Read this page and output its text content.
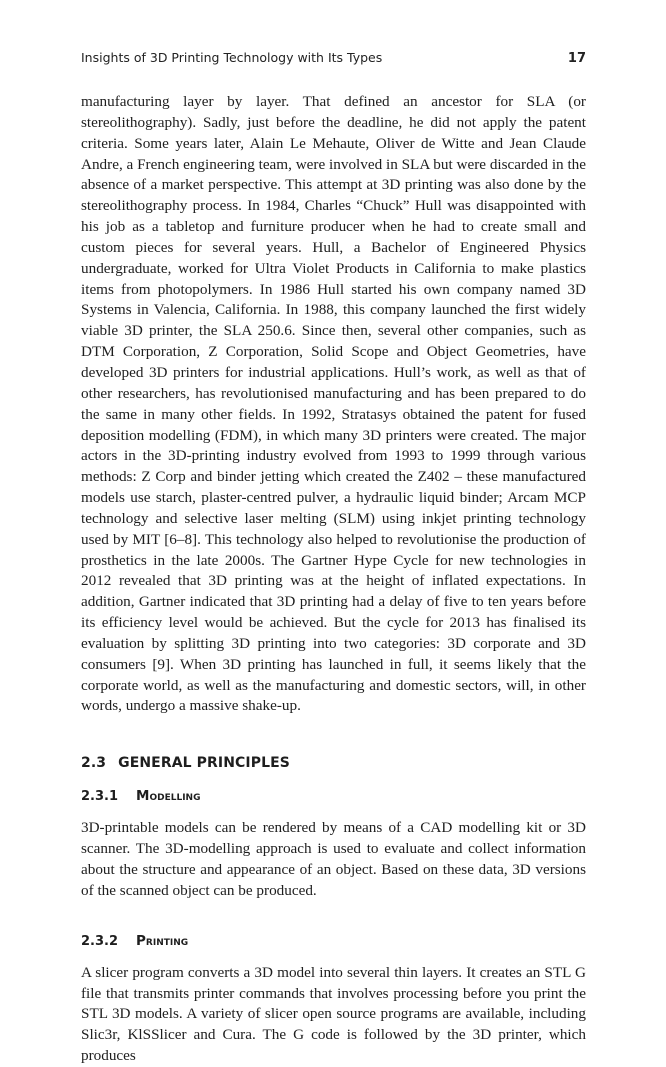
Insights of 3D Printing Technology with Its Types	17

manufacturing layer by layer. That defined an ancestor for SLA (or stereolithography). Sadly, just before the deadline, he did not apply the patent criteria. Some years later, Alain Le Mehaute, Oliver de Witte and Jean Claude Andre, a French engineering team, were involved in SLA but were discarded in the absence of a market perspective. This attempt at 3D printing was also done by the stereolithography process. In 1984, Charles “Chuck” Hull was disappointed with his job as a tabletop and furniture producer when he had to create small and custom pieces for several years. Hull, a Bachelor of Engineered Physics undergraduate, worked for Ultra Violet Products in California to make plastics items from photopolymers. In 1986 Hull started his own company named 3D Systems in Valencia, California. In 1988, this company launched the first widely viable 3D printer, the SLA 250.6. Since then, several other companies, such as DTM Corporation, Z Corporation, Solid Scope and Object Geometries, have developed 3D printers for industrial applications. Hull’s work, as well as that of other researchers, has revolutionised manufacturing and has been prepared to do the same in many other fields. In 1992, Stratasys obtained the patent for fused deposition modelling (FDM), in which many 3D printers were created. The major actors in the 3D-printing industry evolved from 1993 to 1999 through various methods: Z Corp and binder jetting which created the Z402 – these manufactured models use starch, plaster-centred pulver, a hydraulic liquid binder; Arcam MCP technology and selective laser melting (SLM) using inkjet printing technology used by MIT [6–8]. This technology also helped to revolutionise the production of prosthetics in the late 2000s. The Gartner Hype Cycle for new technologies in 2012 revealed that 3D printing was at the height of inflated expectations. In addition, Gartner indicated that 3D printing had a delay of five to ten years before its efficiency level would be achieved. But the cycle for 2013 has finalised its evaluation by splitting 3D printing into two categories: 3D corporate and 3D consumers [9]. When 3D printing has launched in full, it seems likely that the corporate world, as well as the manufacturing and domestic sectors, will, in other words, undergo a massive shake-up.

2.3 GENERAL PRINCIPLES
2.3.1 Modelling

3D-printable models can be rendered by means of a CAD modelling kit or 3D scanner. The 3D-modelling approach is used to evaluate and collect information about the structure and appearance of an object. Based on these data, 3D versions of the scanned object can be produced.

2.3.2 Printing

A slicer program converts a 3D model into several thin layers. It creates an STL G file that transmits printer commands that involves processing before you print the STL 3D models. A variety of slicer open source programs are available, including Slic3r, KlSSlicer and Cura. The G code is followed by the 3D printer, which produces
